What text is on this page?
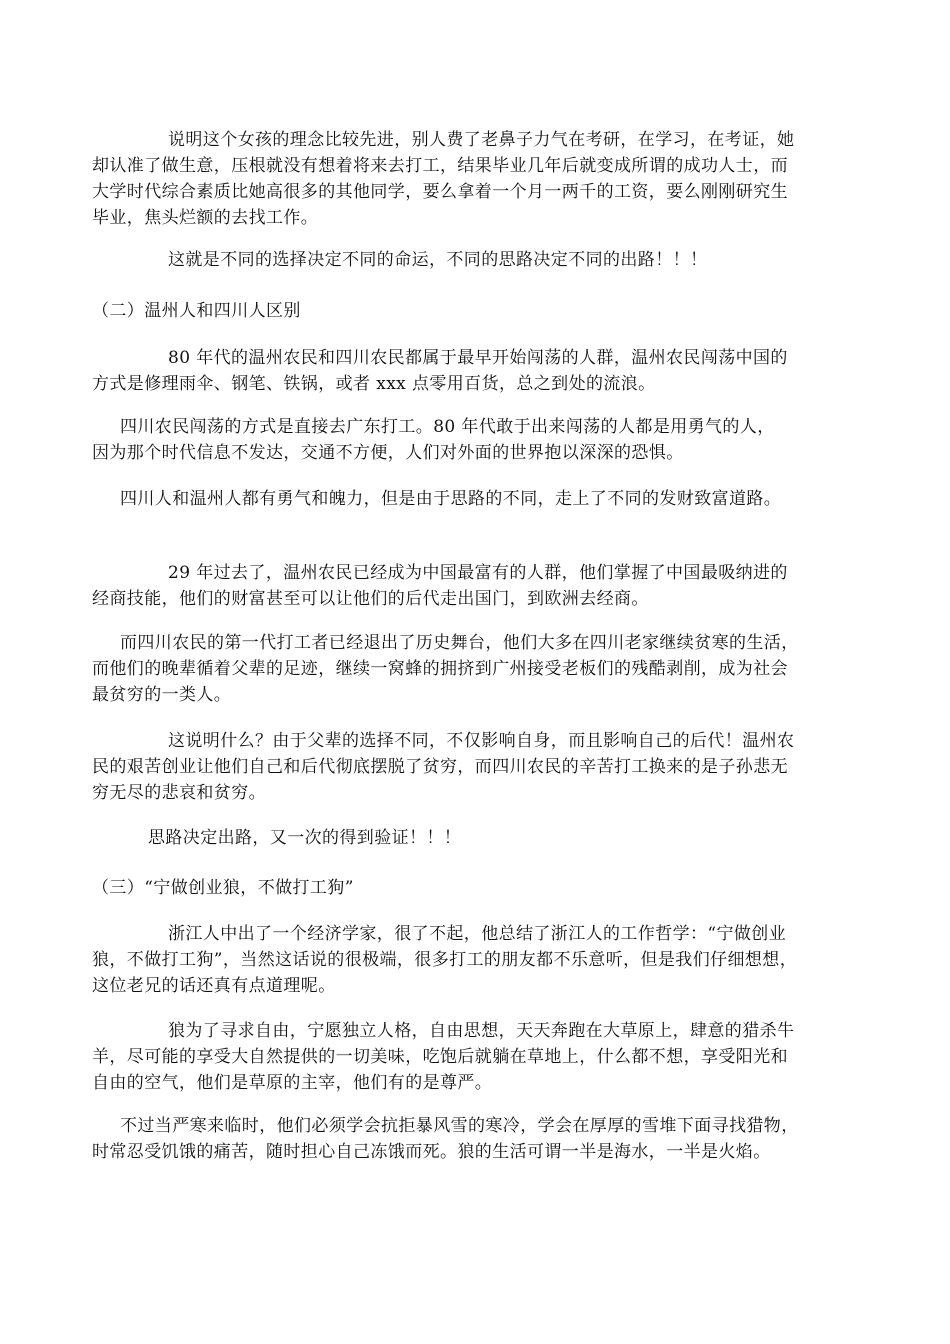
说明这个女孩的理念比较先进，别人费了老鼻子力气在考研，在学习，在考证，她
却认准了做生意，压根就没有想着将来去打工，结果毕业几年后就变成所谓的成功人士，而
大学时代综合素质比她高很多的其他同学，要么拿着一个月一两千的工资，要么刚刚研究生
毕业，焦头烂额的去找工作。

这就是不同的选择决定不同的命运，不同的思路决定不同的出路！！！

（二）温州人和四川人区别

80 年代的温州农民和四川农民都属于最早开始闯荡的人群，温州农民闯荡中国的
方式是修理雨伞、钢笔、铁锅，或者 xxx 点零用百货，总之到处的流浪。

四川农民闯荡的方式是直接去广东打工。80 年代敢于出来闯荡的人都是用勇气的人，
因为那个时代信息不发达，交通不方便，人们对外面的世界抱以深深的恐惧。

四川人和温州人都有勇气和魄力，但是由于思路的不同，走上了不同的发财致富道路。

29 年过去了，温州农民已经成为中国最富有的人群，他们掌握了中国最吸纳进的
经商技能，他们的财富甚至可以让他们的后代走出国门，到欧洲去经商。

而四川农民的第一代打工者已经退出了历史舞台，他们大多在四川老家继续贫寒的生活，
而他们的晚辈循着父辈的足迹，继续一窝蜂的拥挤到广州接受老板们的残酷剥削，成为社会
最贫穷的一类人。

这说明什么？由于父辈的选择不同，不仅影响自身，而且影响自己的后代！温州农
民的艰苦创业让他们自己和后代彻底摆脱了贫穷，而四川农民的辛苦打工换来的是子孙悲无
穷无尽的悲哀和贫穷。

思路决定出路，又一次的得到验证！！！

（三）“宁做创业狼，不做打工狗”

浙江人中出了一个经济学家，很了不起，他总结了浙江人的工作哲学：“宁做创业
狼，不做打工狗”，当然这话说的很极端，很多打工的朋友都不乐意听，但是我们仔细想想，
这位老兄的话还真有点道理呢。

狼为了寻求自由，宁愿独立人格，自由思想，天天奔跑在大草原上，肆意的猎杀牛
羊，尽可能的享受大自然提供的一切美味，吃饱后就躺在草地上，什么都不想，享受阳光和
自由的空气，他们是草原的主宰，他们有的是尊严。

不过当严寒来临时，他们必须学会抗拒暴风雪的寒冷，学会在厚厚的雪堆下面寻找猎物，
时常忍受饥饿的痛苦，随时担心自己冻饿而死。狼的生活可谓一半是海水，一半是火焰。
